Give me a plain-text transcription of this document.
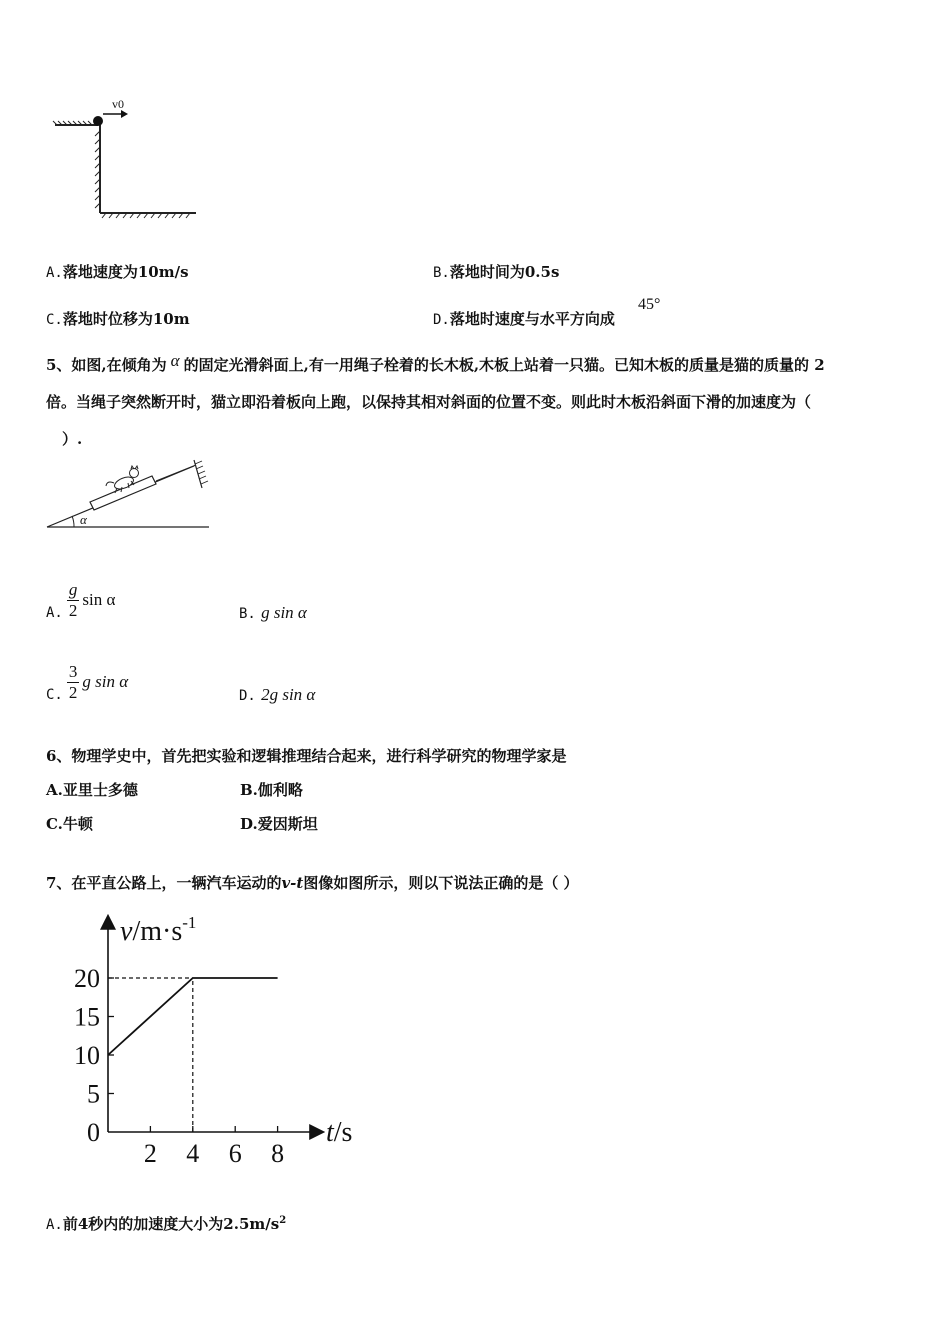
v0
A.落地速度为10m/s	B.落地时间为0.5s
C.落地时位移为10m	D.落地时速度与水平方向成
45°
5、如图,在倾角为 α 的固定光滑斜面上,有一用绳子栓着的长木板,木板上站着一只猫。已知木板的质量是猫的质量的 2
倍。当绳子突然断开时，猫立即沿着板向上跑，以保持其相对斜面的位置不变。则此时木板沿斜面下滑的加速度为（
）.
α
A. $\frac{g}{2}$ sin α
B. g sin α
C. $\frac{3}{2}$ g sin α
D. 2g sin α
6、物理学史中，首先把实验和逻辑推理结合起来，进行科学研究的物理学家是
A.亚里士多德	B.伽利略
C.牛顿	D.爱因斯坦
7、在平直公路上，一辆汽车运动的v-t图像如图所示，则以下说法正确的是（ ）
2 4 6 8
0
5
10
15
20
$v/m\cdot s^{-1}$
t/s
A.前4秒内的加速度大小为$2.5m/s^2$
